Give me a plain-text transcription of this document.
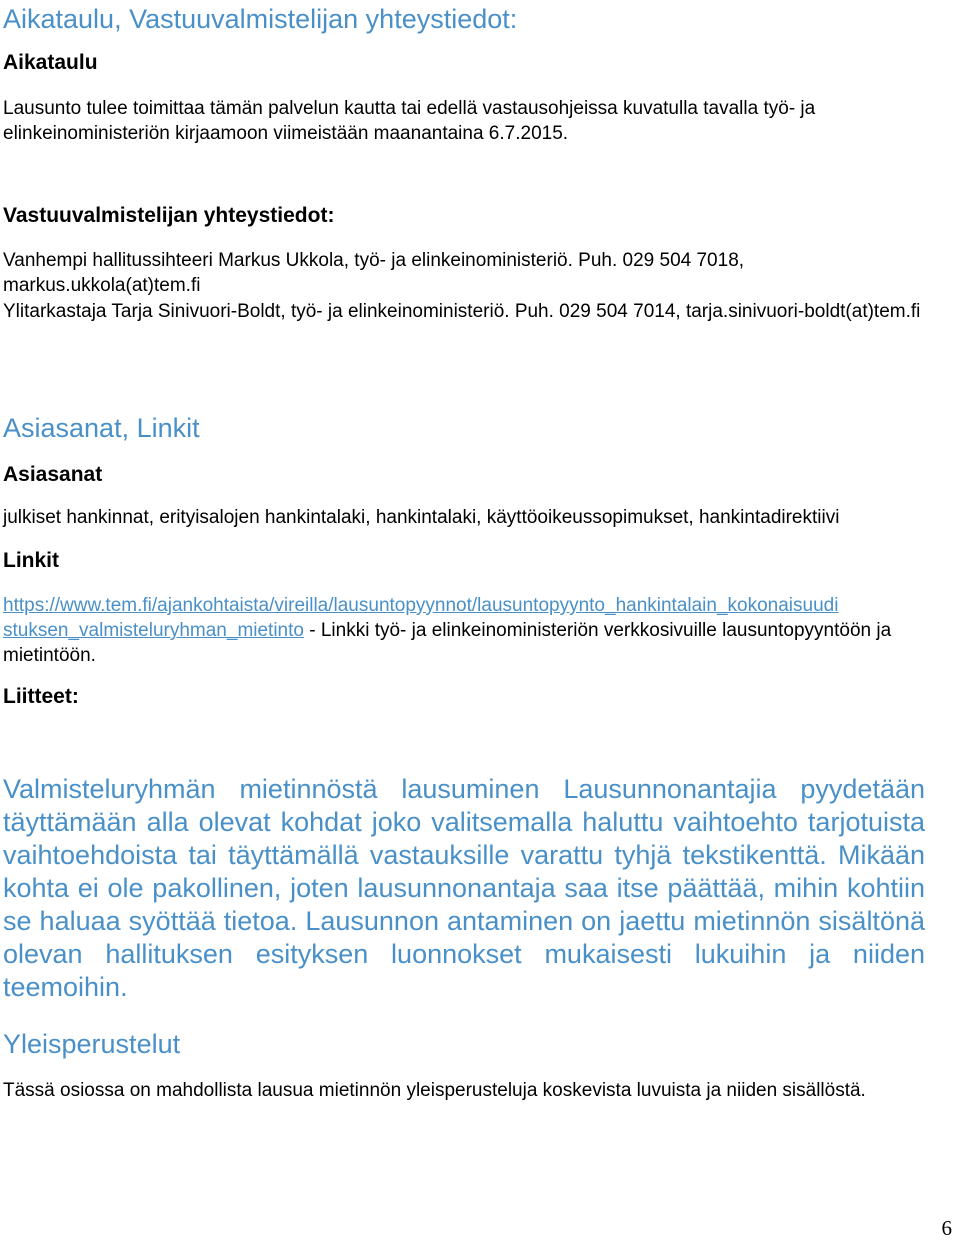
Aikataulu, Vastuuvalmistelijan yhteystiedot:
Aikataulu

Lausunto tulee toimittaa tämän palvelun kautta tai edellä vastausohjeissa kuvatulla tavalla työ- ja elinkeinoministeriön kirjaamoon viimeistään maanantaina 6.7.2015.

Vastuuvalmistelijan yhteystiedot:

Vanhempi hallitussihteeri Markus Ukkola, työ- ja elinkeinoministeriö. Puh. 029 504 7018, markus.ukkola(at)tem.fi

Ylitarkastaja Tarja Sinivuori-Boldt, työ- ja elinkeinoministeriö. Puh. 029 504 7014, tarja.sinivuori-boldt(at)tem.fi

Asiasanat, Linkit
Asiasanat

julkiset hankinnat, erityisalojen hankintalaki, hankintalaki, käyttöoikeussopimukset, hankintadirektiivi

Linkit

https://www.tem.fi/ajankohtaista/vireilla/lausuntopyynnot/lausuntopyynto_hankintalain_kokonaisuudi
stuksen_valmisteluryhman_mietinto - Linkki työ- ja elinkeinoministeriön verkkosivuille lausuntopyyntöön ja mietintöön.

Liitteet:

Valmisteluryhmän mietinnöstä lausuminen Lausunnonantajia pyydetään täyttämään alla olevat kohdat joko valitsemalla haluttu vaihtoehto tarjotuista vaihtoehdoista tai täyttämällä vastauksille varattu tyhjä tekstikenttä. Mikään kohta ei ole pakollinen, joten lausunnonantaja saa itse päättää, mihin kohtiin se haluaa syöttää tietoa. Lausunnon antaminen on jaettu mietinnön sisältönä olevan hallituksen esityksen luonnokset mukaisesti lukuihin ja niiden teemoihin.

Yleisperustelut

Tässä osiossa on mahdollista lausua mietinnön yleisperusteluja koskevista luvuista ja niiden sisällöstä.

6
